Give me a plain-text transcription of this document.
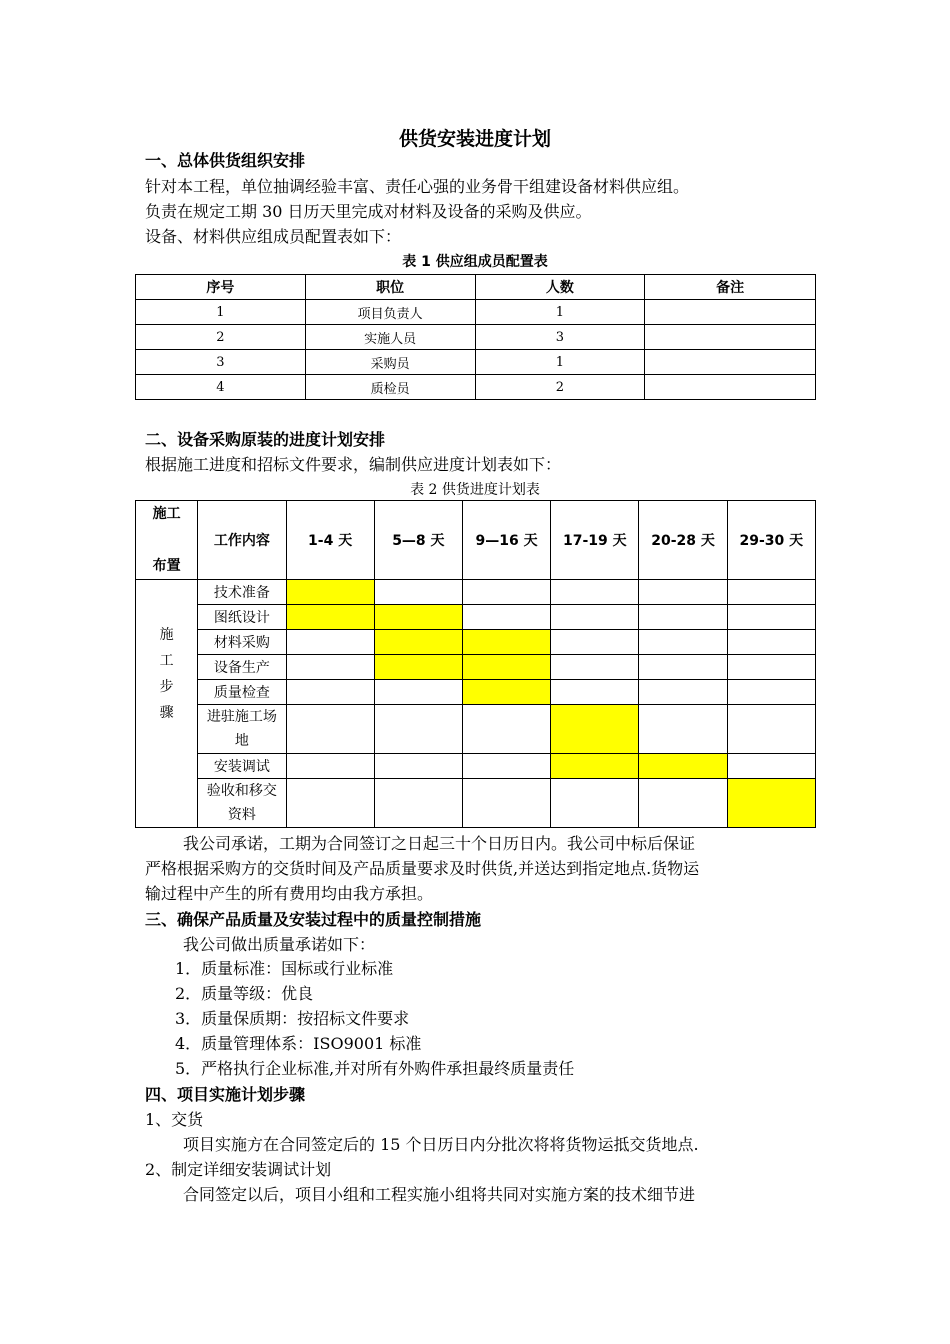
供货安装进度计划
一、总体供货组织安排
针对本工程，单位抽调经验丰富、责任心强的业务骨干组建设备材料供应组。
负责在规定工期 30 日历天里完成对材料及设备的采购及供应。
设备、材料供应组成员配置表如下：
表 1 供应组成员配置表
序号	职位	人数	备注
1	项目负责人	1	
2	实施人员	3	
3	采购员	1	
4	质检员	2	
二、设备采购原装的进度计划安排
根据施工进度和招标文件要求，编制供应进度计划表如下：
表 2 供货进度计划表
施工

布置	工作内容	1-4 天	5—8 天	9—16 天	17-19 天	20-28 天	29-30 天

施
工
步
骤	技术准备						

	图纸设计						

	材料采购						

	设备生产						

	质量检查						

	进驻施工场
地						

	安装调试						

	验收和移交
资料						

我公司承诺，工期为合同签订之日起三十个日历日内。我公司中标后保证
严格根据采购方的交货时间及产品质量要求及时供货,并送达到指定地点.货物运
输过程中产生的所有费用均由我方承担。
三、确保产品质量及安装过程中的质量控制措施
我公司做出质量承诺如下：
1．质量标准：国标或行业标准
2．质量等级：优良
3．质量保质期：按招标文件要求
4．质量管理体系：ISO9001 标准
5．严格执行企业标准,并对所有外购件承担最终质量责任
四、项目实施计划步骤
1、交货
项目实施方在合同签定后的 15 个日历日内分批次将将货物运抵交货地点.
2、制定详细安装调试计划
合同签定以后，项目小组和工程实施小组将共同对实施方案的技术细节进
